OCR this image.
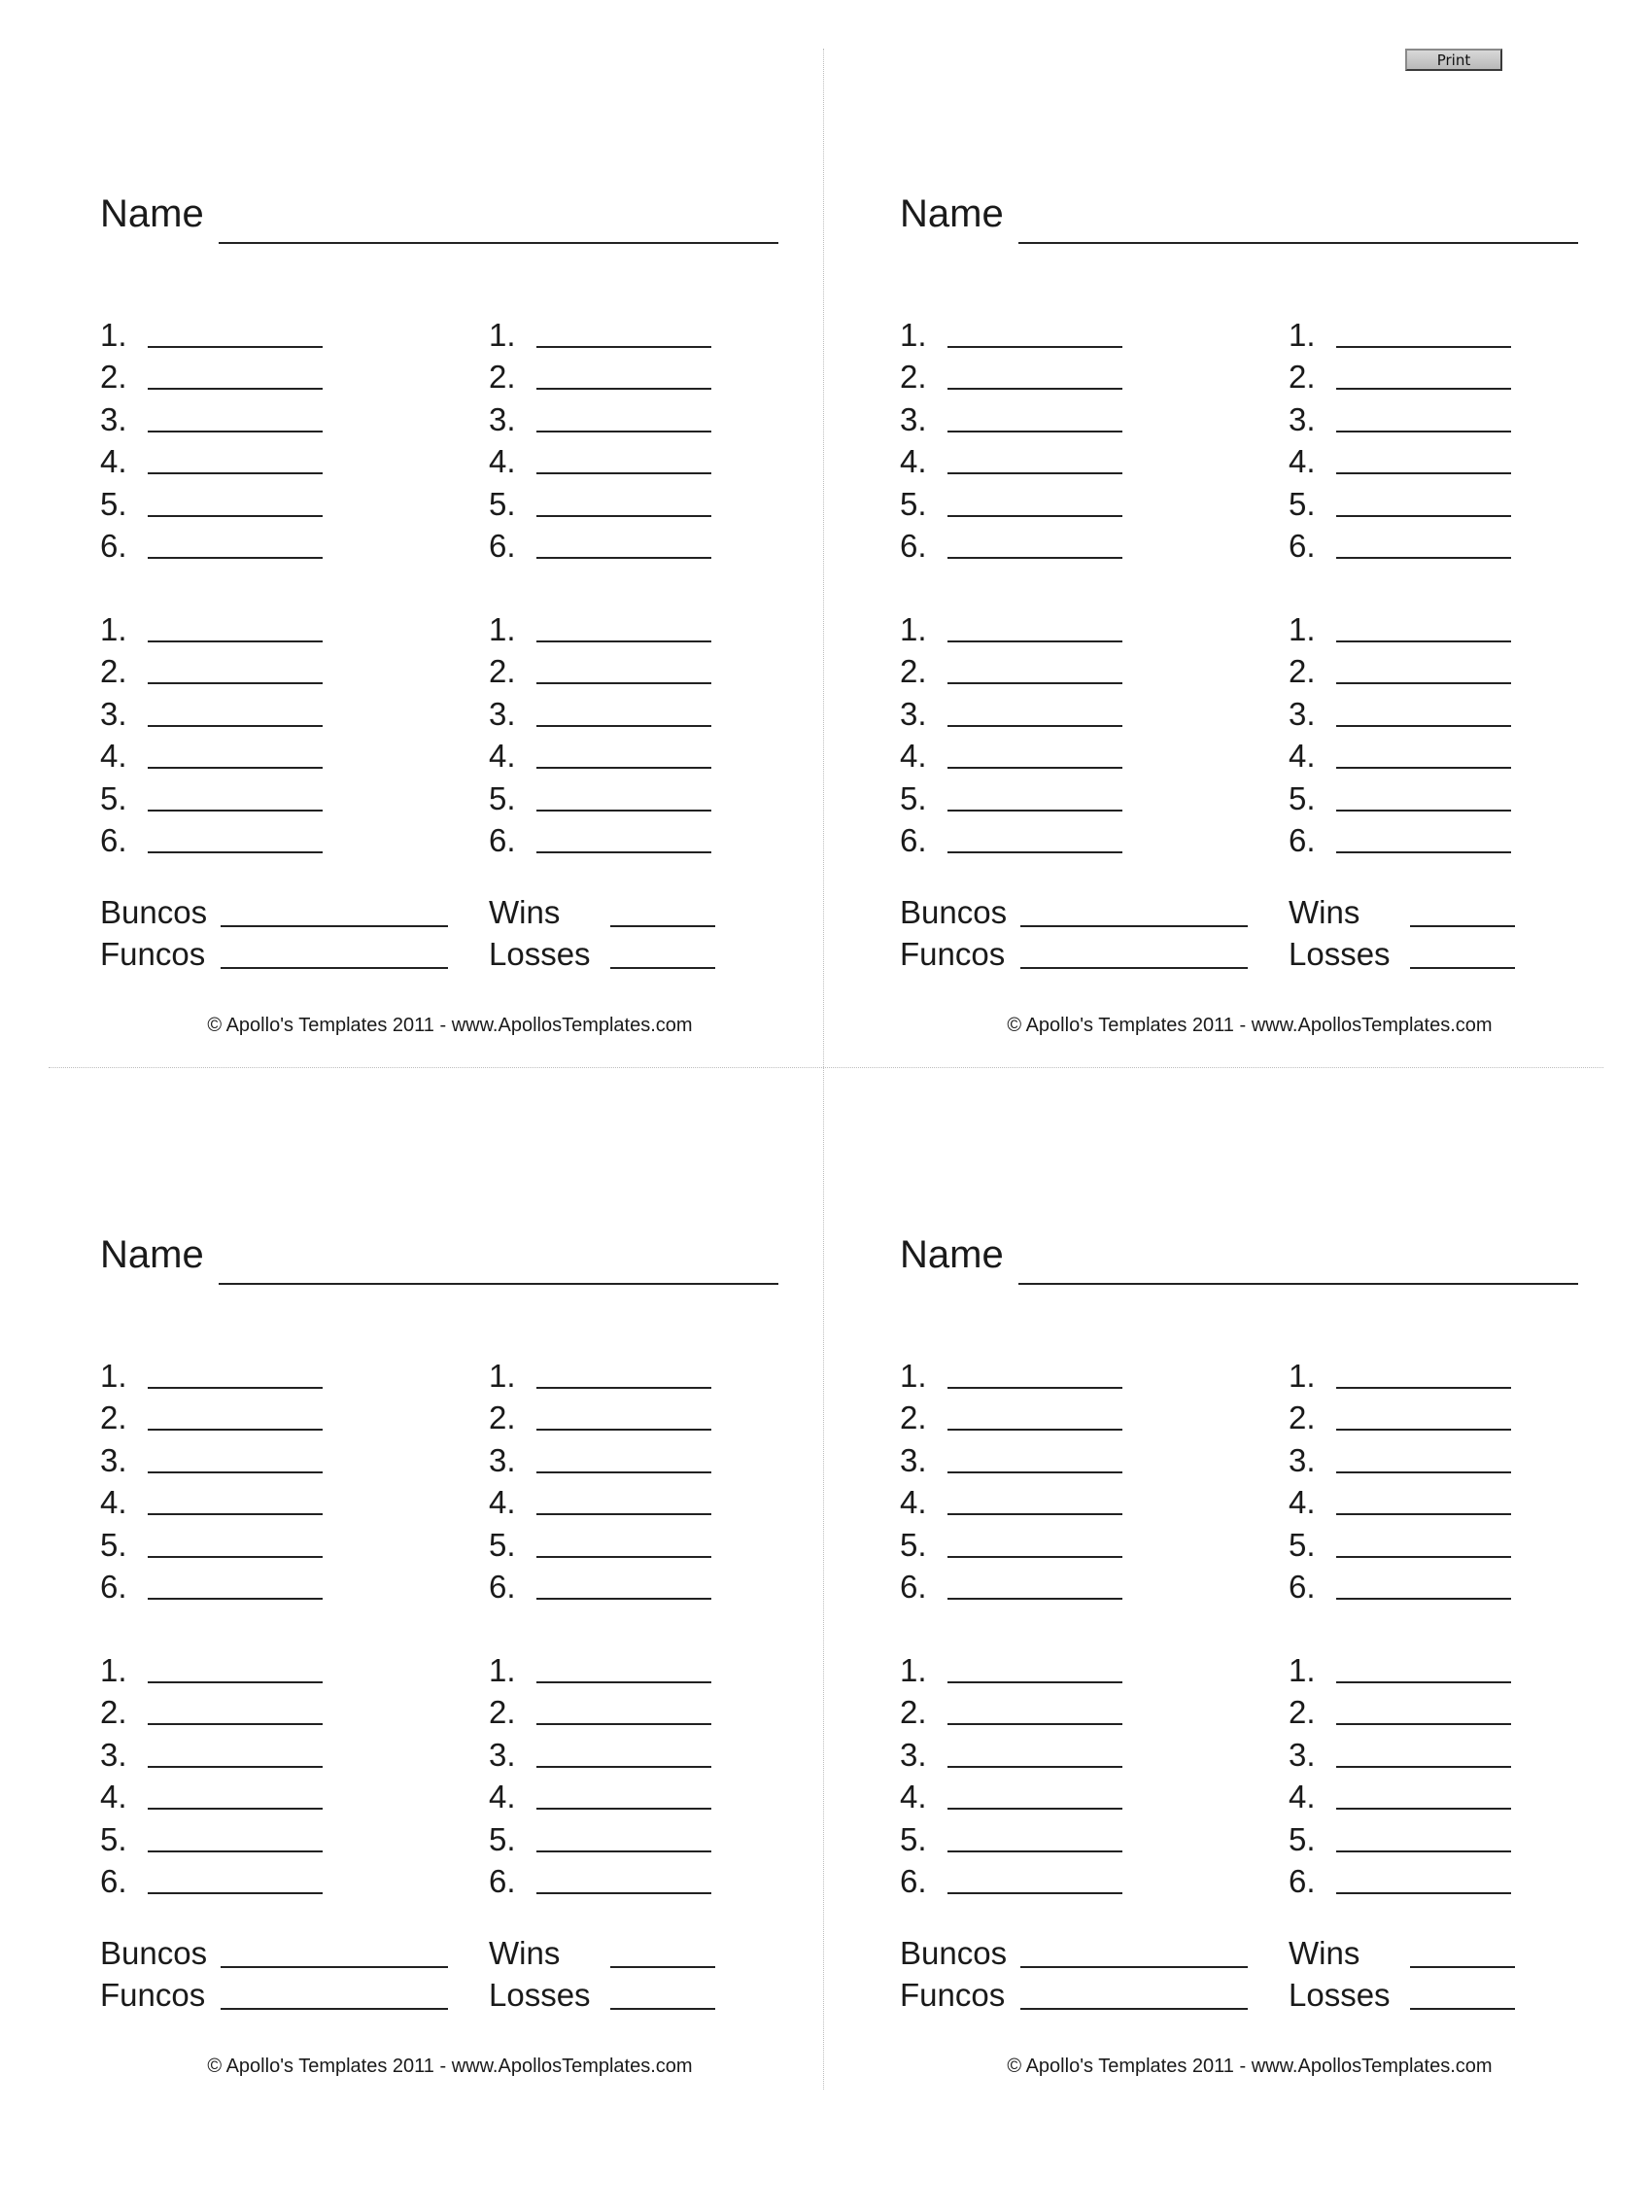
Print
Name
1.
2.
3.
4.
5.
6.
1.
2.
3.
4.
5.
6.
1.
2.
3.
4.
5.
6.
1.
2.
3.
4.
5.
6.
Buncos
Funcos
Wins
Losses
© Apollo's Templates 2011 - www.ApollosTemplates.com
Name
1.
2.
3.
4.
5.
6.
1.
2.
3.
4.
5.
6.
1.
2.
3.
4.
5.
6.
1.
2.
3.
4.
5.
6.
Buncos
Funcos
Wins
Losses
© Apollo's Templates 2011 - www.ApollosTemplates.com
Name
1.
2.
3.
4.
5.
6.
1.
2.
3.
4.
5.
6.
1.
2.
3.
4.
5.
6.
1.
2.
3.
4.
5.
6.
Buncos
Funcos
Wins
Losses
© Apollo's Templates 2011 - www.ApollosTemplates.com
Name
1.
2.
3.
4.
5.
6.
1.
2.
3.
4.
5.
6.
1.
2.
3.
4.
5.
6.
1.
2.
3.
4.
5.
6.
Buncos
Funcos
Wins
Losses
© Apollo's Templates 2011 - www.ApollosTemplates.com
